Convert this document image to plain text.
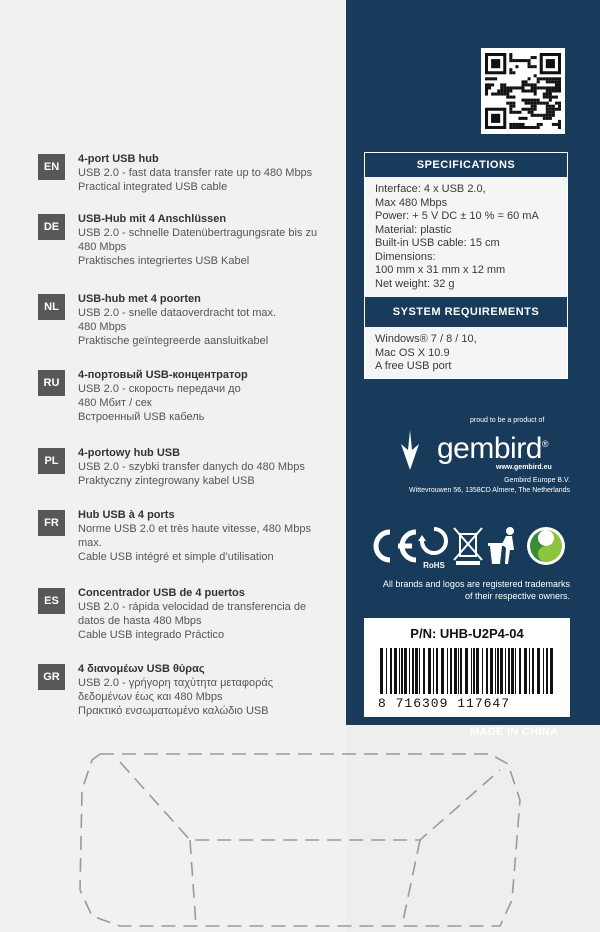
EN
4-port USB hub
USB 2.0 - fast data transfer rate up to 480 Mbps
Practical integrated USB cable
DE
USB-Hub mit 4 Anschlüssen
USB 2.0 - schnelle Datenübertragungsrate bis zu
480 Mbps
Praktisches integriertes USB Kabel
NL
USB-hub met 4 poorten
USB 2.0 - snelle dataoverdracht tot max.
480 Mbps
Praktische geïntegreerde aansluitkabel
RU
4-портовый USB-концентратор
USB 2.0 - скорость передачи до
480 Мбит / сек
Встроенный USB кабель
PL
4-portowy hub USB
USB 2.0 - szybki transfer danych do 480 Mbps
Praktyczny zintegrowany kabel USB
FR
Hub USB à 4 ports
Norme USB 2.0 et très haute vitesse, 480 Mbps
max.
Cable USB intégré et simple d’utilisation
ES
Concentrador USB de 4 puertos
USB 2.0 - rápida velocidad de transferencia de
datos de hasta 480 Mbps
Cable USB integrado Práctico
GR
4 διανομέων USB θύρας
USB 2.0 - γρήγορη ταχύτητα μεταφοράς
δεδομένων έως και 480 Mbps
Πρακτικό ενσωματωμένο καλώδιο USB
SPECIFICATIONS
Interface: 4 x USB 2.0,
Max 480 Mbps
Power: + 5 V DC ± 10 % = 60 mA
Material: plastic
Built-in USB cable: 15 cm
Dimensions:
100 mm x 31 mm x 12 mm
Net weight: 32 g
SYSTEM REQUIREMENTS
Windows® 7 / 8 / 10,
Mac OS X 10.9
A free USB port
proud to be a product of
gembird®
www.gembird.eu
Gembird Europe B.V.
Wittevrouwen 56, 1358CD Almere, The Netherlands
RoHS
All brands and logos are registered trademarks
of their respective owners.
P/N: UHB-U2P4-04
8 716309 117647
MADE IN CHINA
